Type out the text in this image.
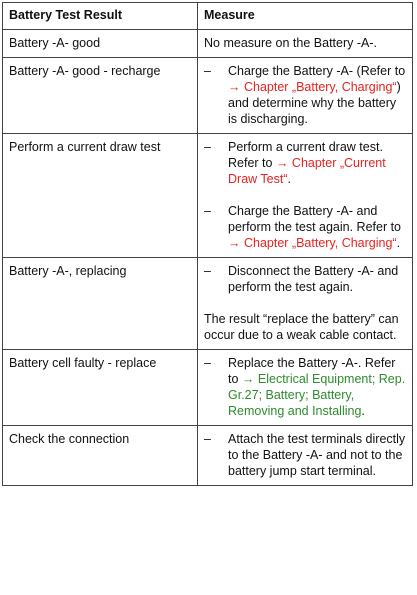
Battery Test Result	Measure
Battery -A- good	No measure on the Battery -A-.

Battery -A- good - recharge	– Charge the Battery -A- (Refer to → Chapter „Battery, Charging“) and determine why the battery is discharging.

Perform a current draw test	– Perform a current draw test. Refer to → Chapter „Current Draw Test“.
– Charge the Battery -A- and perform the test again. Refer to → Chapter „Battery, Charging“.

Battery -A-, replacing	– Disconnect the Battery -A- and perform the test again.

The result “replace the battery” can occur due to a weak cable contact.

Battery cell faulty - replace	– Replace the Battery -A-. Refer to → Electrical Equipment; Rep. Gr.27; Battery; Battery, Removing and Installing.

Check the connection	– Attach the test terminals directly to the Battery -A- and not to the battery jump start terminal.
